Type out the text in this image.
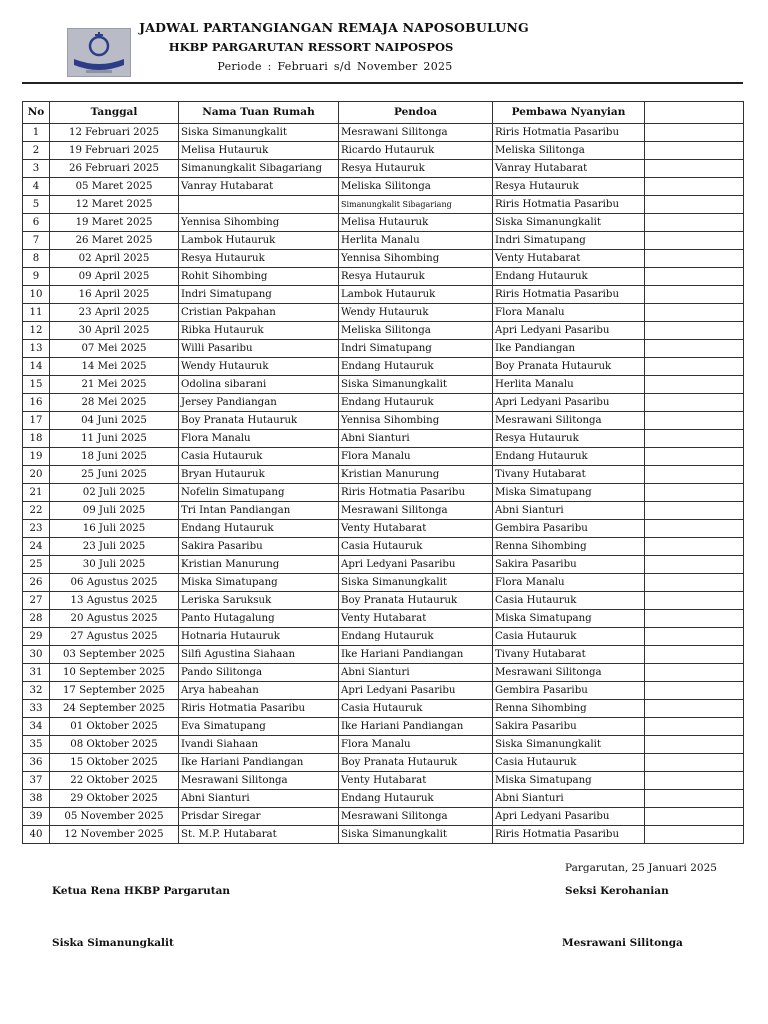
JADWAL PARTANGIANGAN REMAJA NAPOSOBULUNG
HKBP PARGARUTAN RESSORT NAIPOSPOS
Periode : Februari s/d November 2025
No	Tanggal	Nama Tuan Rumah	Pendoa	Pembawa Nyanyian	
1	12 Februari 2025	Siska Simanungkalit	Mesrawani Silitonga	Riris Hotmatia Pasaribu	
2	19 Februari 2025	Melisa Hutauruk	Ricardo Hutauruk	Meliska Silitonga	
3	26 Februari 2025	Simanungkalit Sibagariang	Resya Hutauruk	Vanray Hutabarat	
4	05 Maret 2025	Vanray Hutabarat	Meliska Silitonga	Resya Hutauruk	
5	12 Maret 2025		Simanungkalit Sibagariang	Riris Hotmatia Pasaribu	
6	19 Maret 2025	Yennisa Sihombing	Melisa Hutauruk	Siska Simanungkalit	
7	26 Maret 2025	Lambok Hutauruk	Herlita Manalu	Indri Simatupang	
8	02 April 2025	Resya Hutauruk	Yennisa Sihombing	Venty Hutabarat	
9	09 April 2025	Rohit Sihombing	Resya Hutauruk	Endang Hutauruk	
10	16 April 2025	Indri Simatupang	Lambok Hutauruk	Riris Hotmatia Pasaribu	
11	23 April 2025	Cristian Pakpahan	Wendy Hutauruk	Flora Manalu	
12	30 April 2025	Ribka Hutauruk	Meliska Silitonga	Apri Ledyani Pasaribu	
13	07 Mei 2025	Willi Pasaribu	Indri Simatupang	Ike Pandiangan	
14	14 Mei 2025	Wendy Hutauruk	Endang Hutauruk	Boy Pranata Hutauruk	
15	21 Mei 2025	Odolina sibarani	Siska Simanungkalit	Herlita Manalu	
16	28 Mei 2025	Jersey Pandiangan	Endang Hutauruk	Apri Ledyani Pasaribu	
17	04 Juni 2025	Boy Pranata Hutauruk	Yennisa Sihombing	Mesrawani Silitonga	
18	11 Juni 2025	Flora Manalu	Abni Sianturi	Resya Hutauruk	
19	18 Juni 2025	Casia Hutauruk	Flora Manalu	Endang Hutauruk	
20	25 Juni 2025	Bryan Hutauruk	Kristian Manurung	Tivany Hutabarat	
21	02 Juli 2025	Nofelin Simatupang	Riris Hotmatia Pasaribu	Miska Simatupang	
22	09 Juli 2025	Tri Intan Pandiangan	Mesrawani Silitonga	Abni Sianturi	
23	16 Juli 2025	Endang Hutauruk	Venty Hutabarat	Gembira Pasaribu	
24	23 Juli 2025	Sakira Pasaribu	Casia Hutauruk	Renna Sihombing	
25	30 Juli 2025	Kristian Manurung	Apri Ledyani Pasaribu	Sakira Pasaribu	
26	06 Agustus 2025	Miska Simatupang	Siska Simanungkalit	Flora Manalu	
27	13 Agustus 2025	Leriska Saruksuk	Boy Pranata Hutauruk	Casia Hutauruk	
28	20 Agustus 2025	Panto Hutagalung	Venty Hutabarat	Miska Simatupang	
29	27 Agustus 2025	Hotnaria Hutauruk	Endang Hutauruk	Casia Hutauruk	
30	03 September 2025	Silfi Agustina Siahaan	Ike Hariani Pandiangan	Tivany Hutabarat	
31	10 September 2025	Pando Silitonga	Abni Sianturi	Mesrawani Silitonga	
32	17 September 2025	Arya habeahan	Apri Ledyani Pasaribu	Gembira Pasaribu	
33	24 September 2025	Riris Hotmatia Pasaribu	Casia Hutauruk	Renna Sihombing	
34	01 Oktober 2025	Eva Simatupang	Ike Hariani Pandiangan	Sakira Pasaribu	
35	08 Oktober 2025	Ivandi Siahaan	Flora Manalu	Siska Simanungkalit	
36	15 Oktober 2025	Ike Hariani Pandiangan	Boy Pranata Hutauruk	Casia Hutauruk	
37	22 Oktober 2025	Mesrawani Silitonga	Venty Hutabarat	Miska Simatupang	
38	29 Oktober 2025	Abni Sianturi	Endang Hutauruk	Abni Sianturi	
39	05 November 2025	Prisdar Siregar	Mesrawani Silitonga	Apri Ledyani Pasaribu	
40	12 November 2025	St. M.P. Hutabarat	Siska Simanungkalit	Riris Hotmatia Pasaribu	
Pargarutan, 25 Januari 2025
Ketua Rena HKBP Pargarutan	Seksi Kerohanian
Siska Simanungkalit	Mesrawani Silitonga
